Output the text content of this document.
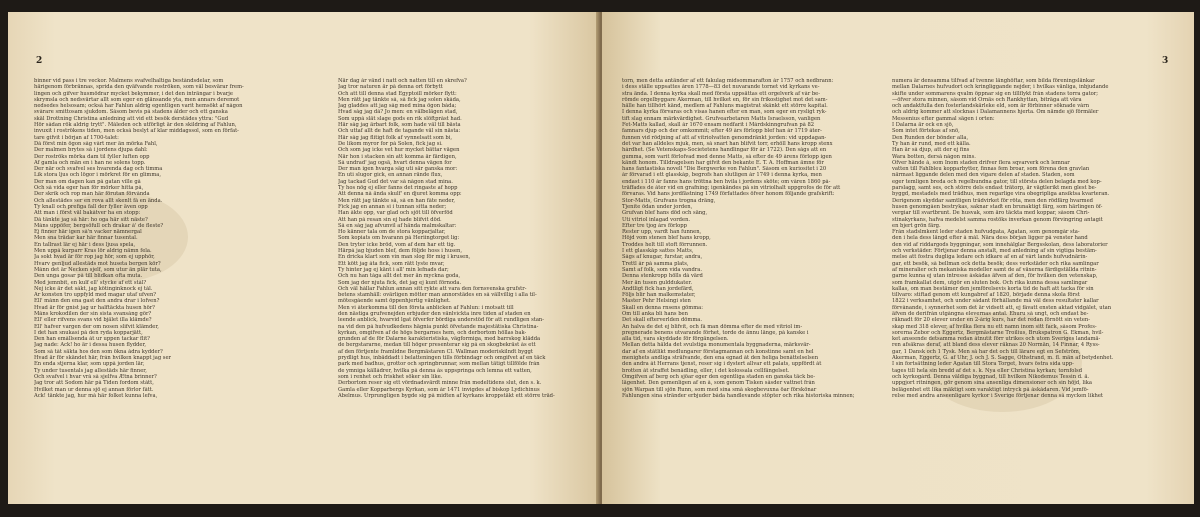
2
binner vid pass i tre veckor. Malmens svafvelhaltiga beståndsdelar, som
härigenom förbrännas, sprida den qväfvande roströken, som väl besvärar frem-
lingen och gifver husmödrar mycket bekymmer, i det den inträngar i bvarje
skrymsla och nedsvärtar allt som eger en glänsande yta, men annars deremot
nedsedes helsosam; också har Fahlun aldrig egentligen varit hemsökt af någon
svårare smittosam sjukdom. Såsom bevis på stadens ålder och ett ganska
skäl Drottning Christina anledning att vid ett besök derstädes yttra: "Gud
Hör sådan rök aldrig trytt". Måleden och utförligt är den skildring af Fahlun,
invuxit i roströkens tiden, men också beslyt af klar middagssol, som en förfat-
tare gifvit i början af 1700-talet:
Då först min ögon såg vårt mer än mörka Fahl,
Der malmen brytes så i jordens djupa dahl:
Der roströks mörka dam til fyller luften opp
Af gamla och män en i han ne solens topp.
Der när och svafvel ses hvarenda dag och timma
Lik stora ljus och lögor i mörkret för en glimma,
Der man om dagen kan på gatan ville gå
Och så vida eger han för mörker hitta på,
Der skrik och rop man här förutan förvånda
Och allestädes ser en rova allt skenlt få en ända.
Ty knall och prefiga fall der fyller även opp
Att man i först väl bakåtver ha en stopp:
Då tänkte jag så här: ho oga här sitt näste?
Måns uppöfer, bergsöfull och drakar å' de fleste?
Ej finner här igen så'n vacker nämnergal
Men sna trädar kar här finnar tusental.
En tallrast lär ej här i dess ljusa spela,
Men uppå kurparr Kras lör aldrig nämn fela.
Ja sokt hvad är för rop jag hör, som ej upphör,
Hvarv genljud allestäds mot huseta bergen kör?
Månn det är Necken sjelf, som utur än plär tuta,
Den unga gosar på till blidkan ofta muta.
Med jemnbit, en kulf ell' stycke af ett stål?
Nej icke är det såkt, jag kötinginknock ej tål.
Är konsten tro uppfyld med magar utaf ufven?
Ell' månn den ena gast den andra drar i lofven?
Hvad är för gnist jag ur halftäckta husen hör?
Måns krokodilen der sin sista svansång gör?
Ell' eller rifvens svans vid bjälet illa klämde?
Ell' hafver vargen der om nosen slifvit klämder,
I det han snukasi på den ryda kopparjätt,
Den han emållsenda åt ur uppen tackar flit?
Jag nade: Ack! ho är i dessa husen flydder,
Som så tåt säkta hos den som ökna ådra kydder?
Hvad är för skändet här, från hvilken knappt jag ser
En enda stjerna klar, som uppå jorden lär,
Ty under tusentals jag allestäds här finner,
Och svafvel i hvar vrå så sjelfva Ætna brinner?
Jag tror att Sodom här på Tiden fordom stått,
Hvilket man ur denna sjö ej annan förlor fått.
Ack! tänkte jag, hur må här folket kunna lefva,
När dag år vänd i natt och natten till en skrefva?
Jag tror naturen är på denna ort förbytt
Och att till denna stad Egyptoill mörker flytt:
Men rätt jag tänkte så, så fick jag solen skåda,
Jag gladdes att jag såg med mina ögon båda;
Hvad såg jag då? Jo men: en välbelägen stad,
Som uppå slät slage gods en rik slöftpråst had.
Här såg jag ärbart folk, som hade väl till bästa
Och uttaf allt de haft de tagande väl sin nästa:
Här såg jag flitigt folk af vynnelsatt som bi,
De likom myror for på Solen, fick jag si.
Och som jag icke vet hur mycket bättar vägen
När hon i stacken sin att komma är färdigen,
Så undrad' jag ogsä, hvart denna vägen for
Der man igen hvarga säg uti sär ganska mor:
En uti slugor gick, en annan rände flux,
Jag tackad Gud det var så någon stad mina.
Ty hos nög ej eller fanns det ringaste af hopp
Att denna nå ända skulf' en djuret komma opp:
Men rätt jag tänkte så, så en han fåte neder,
Fick jag en annan si i tunnan sitta neder;
Han åkte opp, var glad och sjöt till öfverföd
Att han på resan sin ej hade blifvit död.
Så en såg jag afvunvil af hända malmskaltar:
Ho känner tala om de stora kopparjaltar,
Som kopiats om hvarann på Heriingtorget lig:
Den tryter icke bröd, vom af dem har ett tig.
Härpå jag bjuden blef, dem följde hoss i husen,
En dricka klart som vin man slog för mig i krusen,
Ett kött jag åta fick, som rätt lyste mvar,
Ty hinter jag ej känt i all' min lefnads dar;
Och nu han tåga allt det mer än myckna goda,
Som jag der njuta fick, det jag ej kunt förnoda.
Och väl hållar Fahlun annan sitt rykte att vara den fornsvenska grufstr-
betens stamhäll: ovärligen mötter man annorstädes en så vällvillig i alla til-
mötesgående samt öppenhjertig vänlighet.
Men vi återkomma till den första anblicken af Fahlun: i motsatt till
den nästiga grufvenejden erbjuder den vänlvickta inre tiden af staden en
leende anblick, hvarvid lgat öfverfer bördiga understöd för att rundligen stan-
na vid den på hufvudkedens hägnia punkt öfvetande majestätiska Christina-
kyrkan, omgifven af de högs bergarnes hem, och derbortom höllas bak-
grunden af de för Dalarne karakteristiska, vägformiga, med barrskog klädda
de bergstararne, medan till höger presenterar sig på en skogbekräst ås ett
af den förtjente framlidne Bergmästaren Cl. Wallman moderiskilndt byggt
prydligt hus, inbäddadt i belatteningen tills förbindagr och omgifvet af en täck
park med badhus, grottor och springbrunnar, som mellan tätigt tillfölde från
de ymniga källådrer, hvilka på denna ås uppspringa och lemna ett vatten,
som i renhet och friskhet söker sin like.
Derbortom reser sig ett vördnadsvärdt minne från medeltidens slut, den s. k.
Gamla eller Kopparbergs Kyrkan, som år 1471 invigdes af biskop Lydichinus
Abelmus. Urprungligen bygde sig på midten af kyrkans kroppstäkt ett större träd-
3
torn, men detta antänder af ett fakulag midsommarafton år 1757 och nedbrann:
i dess ställe uppsattes åren 1778—83 det nuvarande tornet vid kyrkans ve-
stra ända. I denna kyrka skall med första uppsättas ett orgelverk af vår be-
römde orgelbyggare Åkerman, till hvilket en, för sin frikostighet mot det sam-
hälle han tillhört känd, medlem af Fahluns magistrat skänkt ett större kapital.
I denna kyrka förvaras och visas hanen efter en man, som eger en rysligt ryk-
tift slag ennam märkvärdighet. Grufvearbetaren Matts Israelsson, vanligen
Fet-Matts kallad, skall år 1670 ensam nedfarit i Mårdskinngrufvan på 82
famnars djup och der omkommit; efter 49 års förlopp blef han år 1719 åter-
funnen vid rödjning af att af vitriolvatten genomdränkt jorden: vid uppdagan-
det var han alldeles mjuk, men, så snart han blifvit torr, erhöll hans kropp stenx
hårdhet. (Se Vetenskaps-Societetens handlingar för år 1722). Den sågs att en
gumma, som varit förlofvad med denne Matts, så efter de 49 årens förlopp igen
kändt honom. Tilldragelsen har gifvit den bekante E. T. A. Hoffman ämne för
hans fantastiska novell "Die Bergwerke von Fahlun". Såsom en kuriositet i 20
år förvarad i ett glasskåp, begrofs han slutligen år 1749 i denna kyrka, men
endast i 110 år fanns hans tröttna ben hvila i jordens sköte; om våren 1860 på-
träffades de åter vid en grafning; igenkändes på sin vitriolhalt uppgrofos de för att
förvaras. Vid hans jordfästning 1749 författades öfver honom följande grafskrift:
Stor-Matts, Grufvans trogna dräng,
Tjenite ödan under jorden,
Grufvan blef hans död och säng,
Uti vitriol inlagad vorden.
Efter tre tjog års förlopp
Rester upp, vardt han funnen,
Höjd vom stenen blef hans kropp,
Troddes helt till stoft förrunnen.
I ett glasskåp sattes Matts,
Sågs af knugar, furstar, andra,
Trettl år på samma plats,
Samt af folk, som vida vandra.
Denna stenkropp hölls då värd
Mer än tusen gulddukater.
Ändtligt fick han jordefärd,
Följs blir han malkemstater,
Master Pehr Helsingi sten
Skall en denna rnsens gömma:
Om till anka bli hans ben
Det skall efterverlden dömma.
Än halva de det ej blifvit, och få man dömma efter de med vitriol im-
pregnerade benens utvarande förhet, torde de ännu länge, på kanske i
alla tid, vara skyddade för förgängelsen.
Mellan detta hälda det svulstiga monumentala byggnaderna, märksvär-
dar af en ståtlikt medlungarer förstagmannan och konstinne samt en hel
menighets andliga sträfvande, den ena egnad åt den heliga benåttelselsen
den andra åt Herrans tjenst, reser sig i dystert allvar ett palats, uppfördt åt
brotten åt straffet benådling, eller, i det kolossala cellfängelset.
Omgifven af berg och sjöar eger den egentliga staden en ganska täck be-
lägenhet. Den gemenligen af en å, som genom Tisken såsder vattnet från
sjön Warpan till sjön Runn, som med sina små skogbevuxna öar förskönar
Fahlungen sina stränder erbjuder båda handlevande stöpter och rika historiska minnen;
numera är densamma tilfvad af tvenne länghöftar, som bilda föreningslänkar
mellan Dalarnes hufvudort och kringliggande nejder, i hvilkas vänliga, inbjudande
skifte under sommarens qvalm öppnar sig en tillflykt från stadens torra gator;
—öfver stora minnen, såsom vid Ornäs och Rankhyttan, biträga att vära
och andaktfulla den fosterlandskärleke eld, som är förbinner söknade vårn
och aldrig kommer att slocknas i Dalamannens hjerta. Om nämde sjö förmäler
Messenius efter gammal sägen i orten:
I Dalarna är ock en sjö,
Som intet förtekas af snö,
Den Runden der bönder alla,
Ty han är rund, med ett källa.
Han är så djup, att der ej fins
Wara botten, derså någon mins.
Öfver hände å, som Inom staden drifver flera sqvarverk och lemnar
vatten till Fahlbleu kopparbytter, finnas fem broar, som förena den gravlan
närmast liggande delen med den vigare delen af staden. Staden, som
eger temligen breda och regelbundna gator, till största delen belagda med kop-
parslagg, samt ses, och större dels endast trätorp, är vägtlerikt men glest be-
byggd, mestadels med trädhus, men regarlige vira obegripliga ansiktsa kvarteran.
Derigenom skyddar samtligen trädvirket för röta, men den rödfärg hvarmed
husen genomgåen bestrykas, saknar stadt en brunaktigt färg, som härlingen öf-
vergiar till svartbrunt. De husvak, som äro täckta med koppar, såsom Chri-
stinakyrkans, hafva medelst samma rostöks inverkan genom förvingring antagit
en bjert grön färg.
Från stadslmkent leder staden hufvudgata, Ågatan, som genomgår sta-
den i hela dess längd efter å mål. Nära dess början ligger på venster hand
den vid af riddargods byggningar, som innehålglar Bergsskolan, dess laboratorier
och verkstäder. Förtjenar denna anstalt, med anledning af sin vigtiga bestäm-
melse att fostra dugliga ledare och idkare af en af vårt lands hufvudnärin-
gar, ett besök, så bellman ock detta besök; dess verkstäder och rika samlingar
af mineralier och mekaniska modeller samt de af växerna färdigställda ritnin-
garne kunna ej utan intresse åskådas äfven af den, för hvilken den vetenskap,
som framkallat dem, utgör en sluten bok. Och rika kunna dessa samlingar
kallas, om man bestämer den jemförelsevis korta tid de haft att tacka för sin
tillvaro: stiftad genom ett kungabref af 1820, började denna skola först
1822 i verksamhet, och under sådant förhållande må väl dess resultater kallar
förvånande, i synnerhet som det är vidsett att, ej fåvatt ensten aktad vidgålet, utan
äfven de derifrån utgångna elevernas antal. Ehuru så ungt, och endast be-
räknadt för 20 elever under en 2-årig kurs, har det redan förnött sin veten-
skap med 318 elever, af hvilka flera nu ett namn inom sitt fack, såsom Profes-
sorerna Zebor och Eggertz, Bergmästarne Troilius, Brukspatron G. Ekman, hvil-
ket anseende detsamma redan åtnutit förr utrikes och utom Sveriges landamä-
ren afsäkras deraf, att bland dess elever räknas 20 Normän, 14 Finnar, 4 Ryss-
gar, 1 Dansk och 1 Tysk. Men så har det och till lärare egt en Sefström,
Åkerman, Eggertz, G. af Uhr, J. och J. S. Sagge, Öthstrand, m. fl. män af betydenhet.
I sin fortsättning leder Ågatan till Stora Torget, hvars östra sida upp-
tages till hela sin bredd af det s. k. Nya eller Christina kyrkan; tornfolsd
och kyrkogård. Denna väldiga byggnad, till hvilken Nikodemus Tessin d. ä.
uppgjort ritningen, gör genom sina ansenliga dimensioner och sin höjd, lika
belägenhet ett lika mäktigt som varaktigt intryck på åskådaren. Vid jemfö-
relse med andra anseenligare kyrkor i Sverige förtjenar denna så mycken likhet
